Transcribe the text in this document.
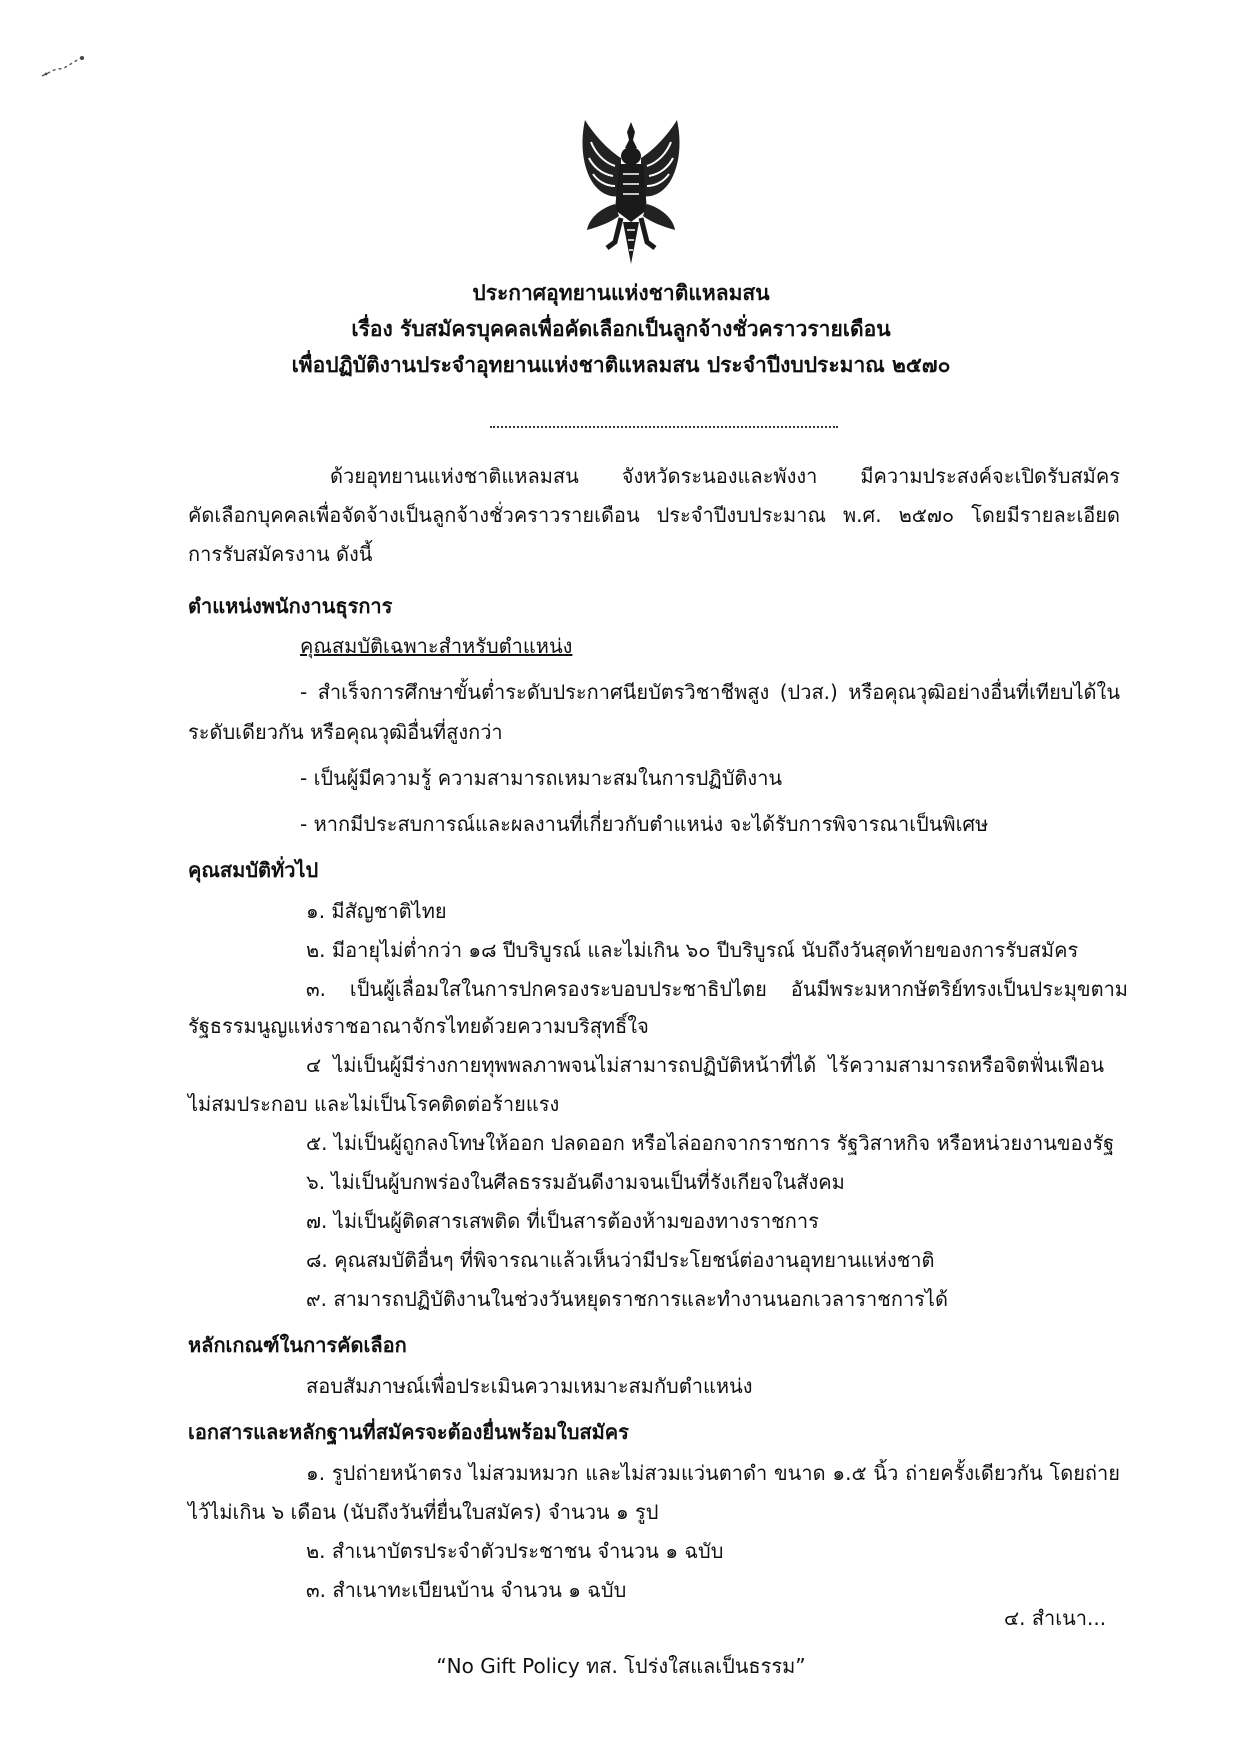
ประกาศอุทยานแห่งชาติแหลมสน
เรื่อง รับสมัครบุคคลเพื่อคัดเลือกเป็นลูกจ้างชั่วคราวรายเดือน
เพื่อปฏิบัติงานประจำอุทยานแห่งชาติแหลมสน ประจำปีงบประมาณ ๒๕๗๐
ด้วยอุทยานแห่งชาติแหลมสน จังหวัดระนองและพังงา มีความประสงค์จะเปิดรับสมัคร
คัดเลือกบุคคลเพื่อจัดจ้างเป็นลูกจ้างชั่วคราวรายเดือน ประจำปีงบประมาณ พ.ศ. ๒๕๗๐ โดยมีรายละเอียด
การรับสมัครงาน ดังนี้
ตำแหน่งพนักงานธุรการ
คุณสมบัติเฉพาะสำหรับตำแหน่ง
- สำเร็จการศึกษาขั้นต่ำระดับประกาศนียบัตรวิชาชีพสูง (ปวส.) หรือคุณวุฒิอย่างอื่นที่เทียบได้ใน
ระดับเดียวกัน หรือคุณวุฒิอื่นที่สูงกว่า
- เป็นผู้มีความรู้ ความสามารถเหมาะสมในการปฏิบัติงาน
- หากมีประสบการณ์และผลงานที่เกี่ยวกับตำแหน่ง จะได้รับการพิจารณาเป็นพิเศษ
คุณสมบัติทั่วไป
๑. มีสัญชาติไทย
๒. มีอายุไม่ต่ำกว่า ๑๘ ปีบริบูรณ์ และไม่เกิน ๖๐ ปีบริบูรณ์ นับถึงวันสุดท้ายของการรับสมัคร
๓. เป็นผู้เลื่อมใสในการปกครองระบอบประชาธิปไตย อันมีพระมหากษัตริย์ทรงเป็นประมุขตาม
รัฐธรรมนูญแห่งราชอาณาจักรไทยด้วยความบริสุทธิ์ใจ
๔ ไม่เป็นผู้มีร่างกายทุพพลภาพจนไม่สามารถปฏิบัติหน้าที่ได้ ไร้ความสามารถหรือจิตฟั่นเฟือน
ไม่สมประกอบ และไม่เป็นโรคติดต่อร้ายแรง
๕. ไม่เป็นผู้ถูกลงโทษให้ออก ปลดออก หรือไล่ออกจากราชการ รัฐวิสาหกิจ หรือหน่วยงานของรัฐ
๖. ไม่เป็นผู้บกพร่องในศีลธรรมอันดีงามจนเป็นที่รังเกียจในสังคม
๗. ไม่เป็นผู้ติดสารเสพติด ที่เป็นสารต้องห้ามของทางราชการ
๘. คุณสมบัติอื่นๆ ที่พิจารณาแล้วเห็นว่ามีประโยชน์ต่องานอุทยานแห่งชาติ
๙. สามารถปฏิบัติงานในช่วงวันหยุดราชการและทำงานนอกเวลาราชการได้
หลักเกณฑ์ในการคัดเลือก
สอบสัมภาษณ์เพื่อประเมินความเหมาะสมกับตำแหน่ง
เอกสารและหลักฐานที่สมัครจะต้องยื่นพร้อมใบสมัคร
๑. รูปถ่ายหน้าตรง ไม่สวมหมวก และไม่สวมแว่นตาดำ ขนาด ๑.๕ นิ้ว ถ่ายครั้งเดียวกัน โดยถ่าย
ไว้ไม่เกิน ๖ เดือน (นับถึงวันที่ยื่นใบสมัคร) จำนวน ๑ รูป
๒. สำเนาบัตรประจำตัวประชาชน จำนวน ๑ ฉบับ
๓. สำเนาทะเบียนบ้าน จำนวน ๑ ฉบับ
๔. สำเนา...
“No Gift Policy ทส. โปร่งใสแลเป็นธรรม”
